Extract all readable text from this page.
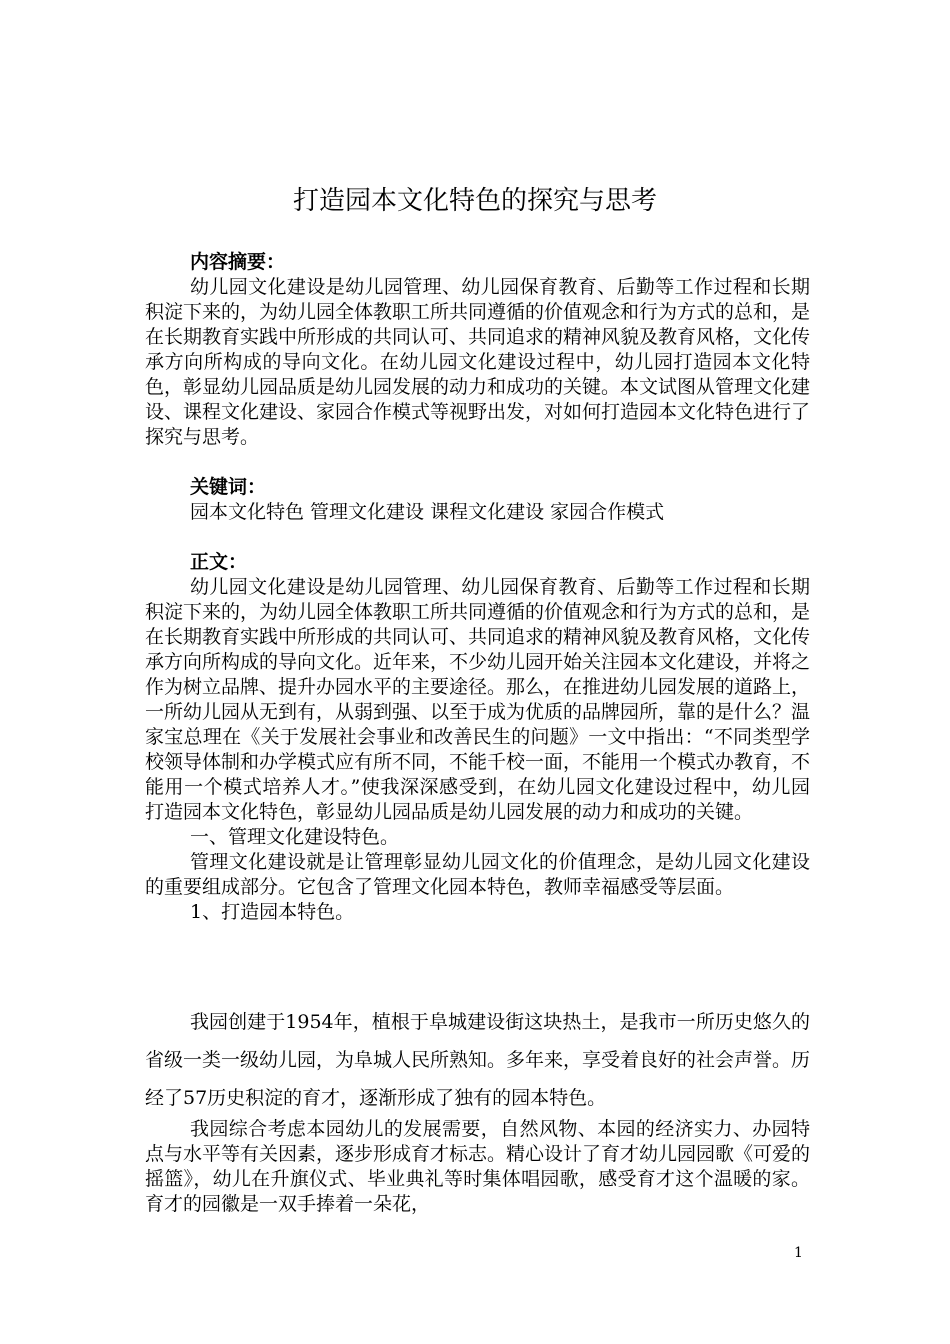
打造园本文化特色的探究与思考

内容摘要：

幼儿园文化建设是幼儿园管理、幼儿园保育教育、后勤等工作过程和长期积淀下来的，为幼儿园全体教职工所共同遵循的价值观念和行为方式的总和，是在长期教育实践中所形成的共同认可、共同追求的精神风貌及教育风格，文化传承方向所构成的导向文化。在幼儿园文化建设过程中，幼儿园打造园本文化特色，彰显幼儿园品质是幼儿园发展的动力和成功的关键。本文试图从管理文化建设、课程文化建设、家园合作模式等视野出发，对如何打造园本文化特色进行了探究与思考。

关键词：

园本文化特色 管理文化建设 课程文化建设 家园合作模式

正文：

幼儿园文化建设是幼儿园管理、幼儿园保育教育、后勤等工作过程和长期积淀下来的，为幼儿园全体教职工所共同遵循的价值观念和行为方式的总和，是在长期教育实践中所形成的共同认可、共同追求的精神风貌及教育风格，文化传承方向所构成的导向文化。近年来，不少幼儿园开始关注园本文化建设，并将之作为树立品牌、提升办园水平的主要途径。那么，在推进幼儿园发展的道路上，一所幼儿园从无到有，从弱到强、以至于成为优质的品牌园所，靠的是什么？温家宝总理在《关于发展社会事业和改善民生的问题》一文中指出：“不同类型学校领导体制和办学模式应有所不同，不能千校一面，不能用一个模式办教育，不能用一个模式培养人才。”使我深深感受到，在幼儿园文化建设过程中，幼儿园打造园本文化特色，彰显幼儿园品质是幼儿园发展的动力和成功的关键。

一、管理文化建设特色。

管理文化建设就是让管理彰显幼儿园文化的价值理念，是幼儿园文化建设的重要组成部分。它包含了管理文化园本特色，教师幸福感受等层面。

1、打造园本特色。

我园创建于1954年，植根于阜城建设街这块热土，是我市一所历史悠久的省级一类一级幼儿园，为阜城人民所熟知。多年来，享受着良好的社会声誉。历经了57历史积淀的育才，逐渐形成了独有的园本特色。

我园综合考虑本园幼儿的发展需要，自然风物、本园的经济实力、办园特点与水平等有关因素，逐步形成育才标志。精心设计了育才幼儿园园歌《可爱的摇篮》，幼儿在升旗仪式、毕业典礼等时集体唱园歌，感受育才这个温暖的家。育才的园徽是一双手捧着一朵花，

1
